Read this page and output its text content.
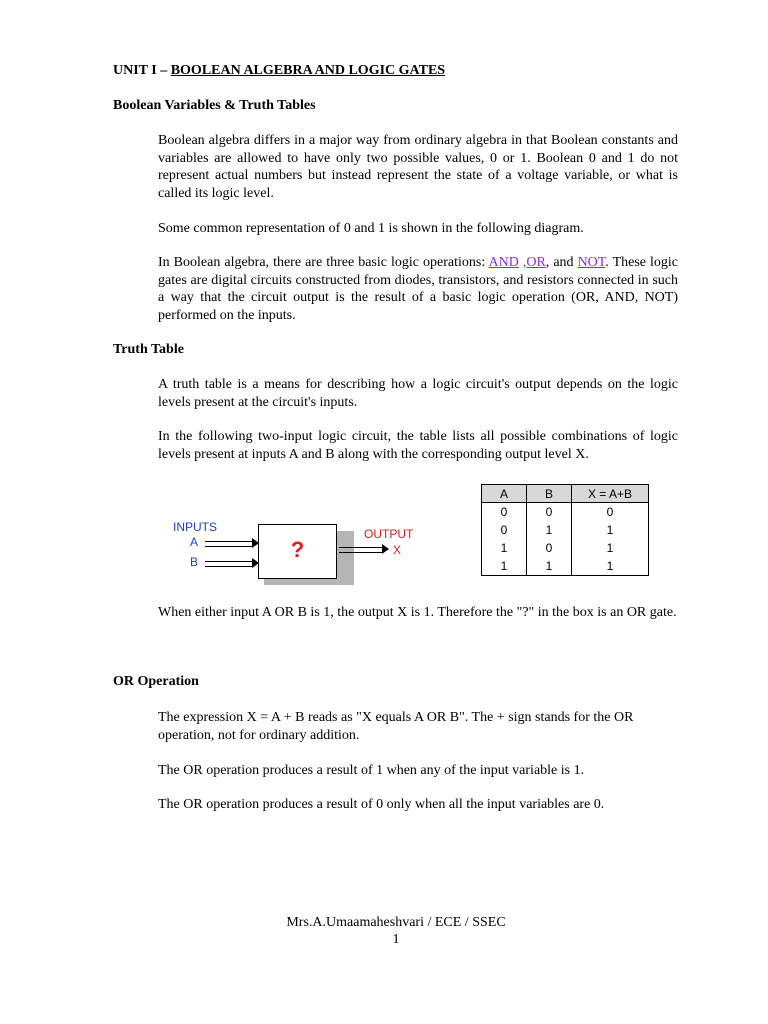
UNIT I – BOOLEAN ALGEBRA AND LOGIC GATES
Boolean Variables & Truth Tables
Boolean algebra differs in a major way from ordinary algebra in that Boolean constants and variables are allowed to have only two possible values, 0 or 1. Boolean 0 and 1 do not represent actual numbers but instead represent the state of a voltage variable, or what is called its logic level.
Some common representation of 0 and 1 is shown in the following diagram.
In Boolean algebra, there are three basic logic operations: AND ,OR, and NOT. These logic gates are digital circuits constructed from diodes, transistors, and resistors connected in such a way that the circuit output is the result of a basic logic operation (OR, AND, NOT) performed on the inputs.
Truth Table
A truth table is a means for describing how a logic circuit's output depends on the logic levels present at the circuit's inputs.
In the following two-input logic circuit, the table lists all possible combinations of logic levels present at inputs A and B along with the corresponding output level X.
INPUTS
A
B	?
OUTPUT
X
A	B	X = A+B
0	0	0
0	1	1
1	0	1
1	1	1
When either input A OR B is 1, the output X is 1. Therefore the "?" in the box is an OR gate.
OR Operation
The expression X = A + B reads as "X equals A OR B". The + sign stands for the OR operation, not for ordinary addition.
The OR operation produces a result of 1 when any of the input variable is 1.
The OR operation produces a result of 0 only when all the input variables are 0.
Mrs.A.Umaamaheshvari / ECE / SSEC
1
